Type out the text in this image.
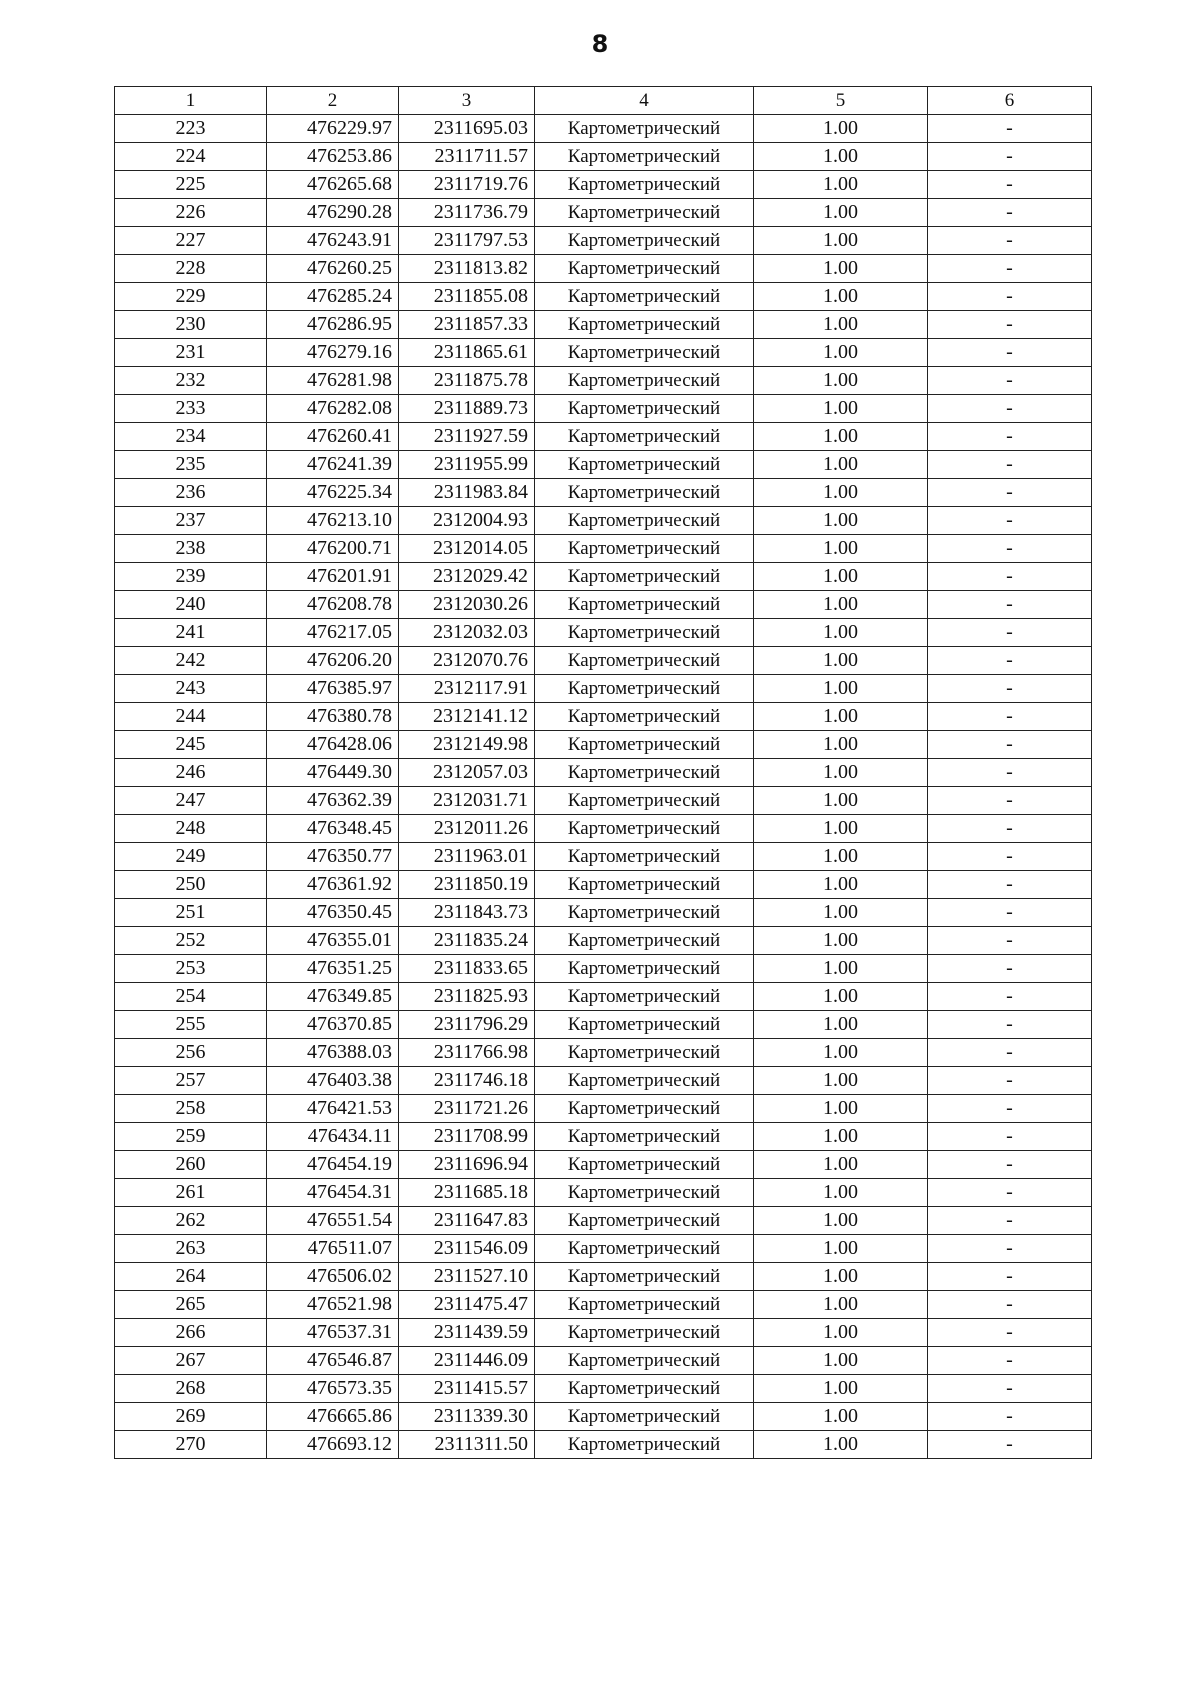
8
1	2	3	4	5	6
223	476229.97	2311695.03	Картометрический	1.00	-
224	476253.86	2311711.57	Картометрический	1.00	-
225	476265.68	2311719.76	Картометрический	1.00	-
226	476290.28	2311736.79	Картометрический	1.00	-
227	476243.91	2311797.53	Картометрический	1.00	-
228	476260.25	2311813.82	Картометрический	1.00	-
229	476285.24	2311855.08	Картометрический	1.00	-
230	476286.95	2311857.33	Картометрический	1.00	-
231	476279.16	2311865.61	Картометрический	1.00	-
232	476281.98	2311875.78	Картометрический	1.00	-
233	476282.08	2311889.73	Картометрический	1.00	-
234	476260.41	2311927.59	Картометрический	1.00	-
235	476241.39	2311955.99	Картометрический	1.00	-
236	476225.34	2311983.84	Картометрический	1.00	-
237	476213.10	2312004.93	Картометрический	1.00	-
238	476200.71	2312014.05	Картометрический	1.00	-
239	476201.91	2312029.42	Картометрический	1.00	-
240	476208.78	2312030.26	Картометрический	1.00	-
241	476217.05	2312032.03	Картометрический	1.00	-
242	476206.20	2312070.76	Картометрический	1.00	-
243	476385.97	2312117.91	Картометрический	1.00	-
244	476380.78	2312141.12	Картометрический	1.00	-
245	476428.06	2312149.98	Картометрический	1.00	-
246	476449.30	2312057.03	Картометрический	1.00	-
247	476362.39	2312031.71	Картометрический	1.00	-
248	476348.45	2312011.26	Картометрический	1.00	-
249	476350.77	2311963.01	Картометрический	1.00	-
250	476361.92	2311850.19	Картометрический	1.00	-
251	476350.45	2311843.73	Картометрический	1.00	-
252	476355.01	2311835.24	Картометрический	1.00	-
253	476351.25	2311833.65	Картометрический	1.00	-
254	476349.85	2311825.93	Картометрический	1.00	-
255	476370.85	2311796.29	Картометрический	1.00	-
256	476388.03	2311766.98	Картометрический	1.00	-
257	476403.38	2311746.18	Картометрический	1.00	-
258	476421.53	2311721.26	Картометрический	1.00	-
259	476434.11	2311708.99	Картометрический	1.00	-
260	476454.19	2311696.94	Картометрический	1.00	-
261	476454.31	2311685.18	Картометрический	1.00	-
262	476551.54	2311647.83	Картометрический	1.00	-
263	476511.07	2311546.09	Картометрический	1.00	-
264	476506.02	2311527.10	Картометрический	1.00	-
265	476521.98	2311475.47	Картометрический	1.00	-
266	476537.31	2311439.59	Картометрический	1.00	-
267	476546.87	2311446.09	Картометрический	1.00	-
268	476573.35	2311415.57	Картометрический	1.00	-
269	476665.86	2311339.30	Картометрический	1.00	-
270	476693.12	2311311.50	Картометрический	1.00	-
